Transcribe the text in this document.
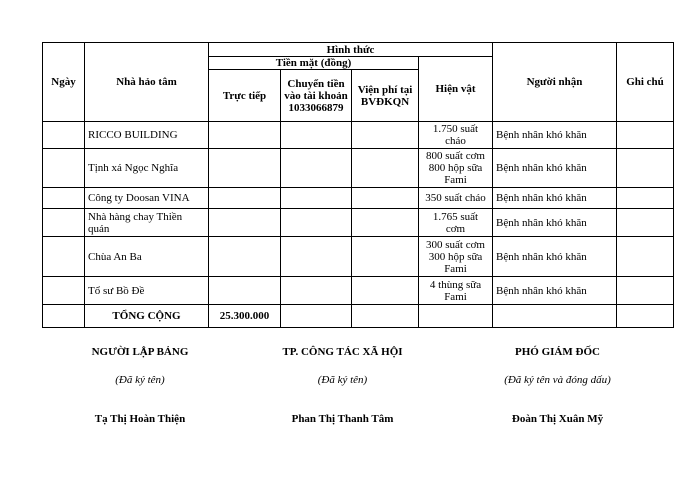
Ngày	Nhà hảo tâm	Hình thức				Người nhận	Ghi chú
		Tiền mặt (đồng)			Hiện vật		
		Trực tiếp	Chuyển tiền vào tài khoản 1033066879	Viện phí tại BVĐKQN			
	RICCO BUILDING				1.750 suất cháo	Bệnh nhân khó khăn	
	Tịnh xá Ngọc Nghĩa				800 suất cơm 800 hộp sữa Fami	Bệnh nhân khó khăn	
	Công ty Doosan VINA				350 suất cháo	Bệnh nhân khó khăn	
	Nhà hàng chay Thiền quán				1.765 suất cơm	Bệnh nhân khó khăn	
	Chùa An Ba				300 suất cơm 300 hộp sữa Fami	Bệnh nhân khó khăn	
	Tổ sư Bồ Đề				4 thùng sữa Fami	Bệnh nhân khó khăn	
	TỔNG CỘNG	25.300.000					
NGƯỜI LẬP BẢNG
(Đã ký tên)
Tạ Thị Hoàn Thiện
TP. CÔNG TÁC XÃ HỘI
(Đã ký tên)
Phan Thị Thanh Tâm
PHÓ GIÁM ĐỐC
(Đã ký tên và đóng dấu)
Đoàn Thị Xuân Mỹ
